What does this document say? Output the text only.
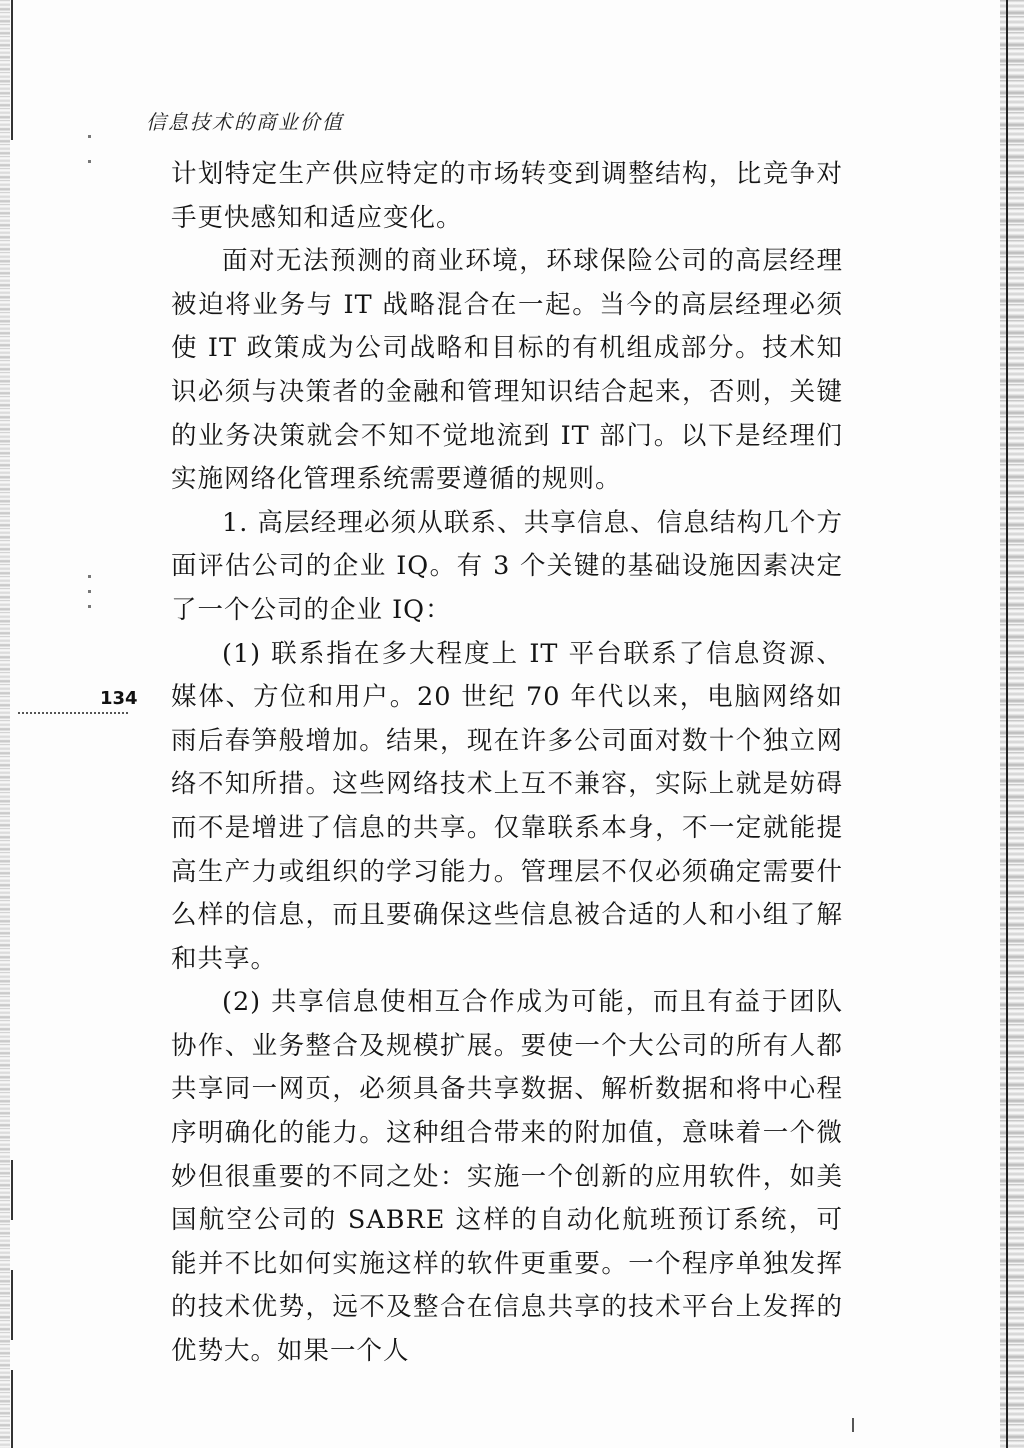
信息技术的商业价值
134

计划特定生产供应特定的市场转变到调整结构，比竞争对手更快感知和适应变化。

面对无法预测的商业环境，环球保险公司的高层经理被迫将业务与 IT 战略混合在一起。当今的高层经理必须使 IT 政策成为公司战略和目标的有机组成部分。技术知识必须与决策者的金融和管理知识结合起来，否则，关键的业务决策就会不知不觉地流到 IT 部门。以下是经理们实施网络化管理系统需要遵循的规则。

1. 高层经理必须从联系、共享信息、信息结构几个方面评估公司的企业 IQ。有 3 个关键的基础设施因素决定了一个公司的企业 IQ：

(1) 联系指在多大程度上 IT 平台联系了信息资源、媒体、方位和用户。20 世纪 70 年代以来，电脑网络如雨后春笋般增加。结果，现在许多公司面对数十个独立网络不知所措。这些网络技术上互不兼容，实际上就是妨碍而不是增进了信息的共享。仅靠联系本身，不一定就能提高生产力或组织的学习能力。管理层不仅必须确定需要什么样的信息，而且要确保这些信息被合适的人和小组了解和共享。

(2) 共享信息使相互合作成为可能，而且有益于团队协作、业务整合及规模扩展。要使一个大公司的所有人都共享同一网页，必须具备共享数据、解析数据和将中心程序明确化的能力。这种组合带来的附加值，意味着一个微妙但很重要的不同之处：实施一个创新的应用软件，如美国航空公司的 SABRE 这样的自动化航班预订系统，可能并不比如何实施这样的软件更重要。一个程序单独发挥的技术优势，远不及整合在信息共享的技术平台上发挥的优势大。如果一个人
